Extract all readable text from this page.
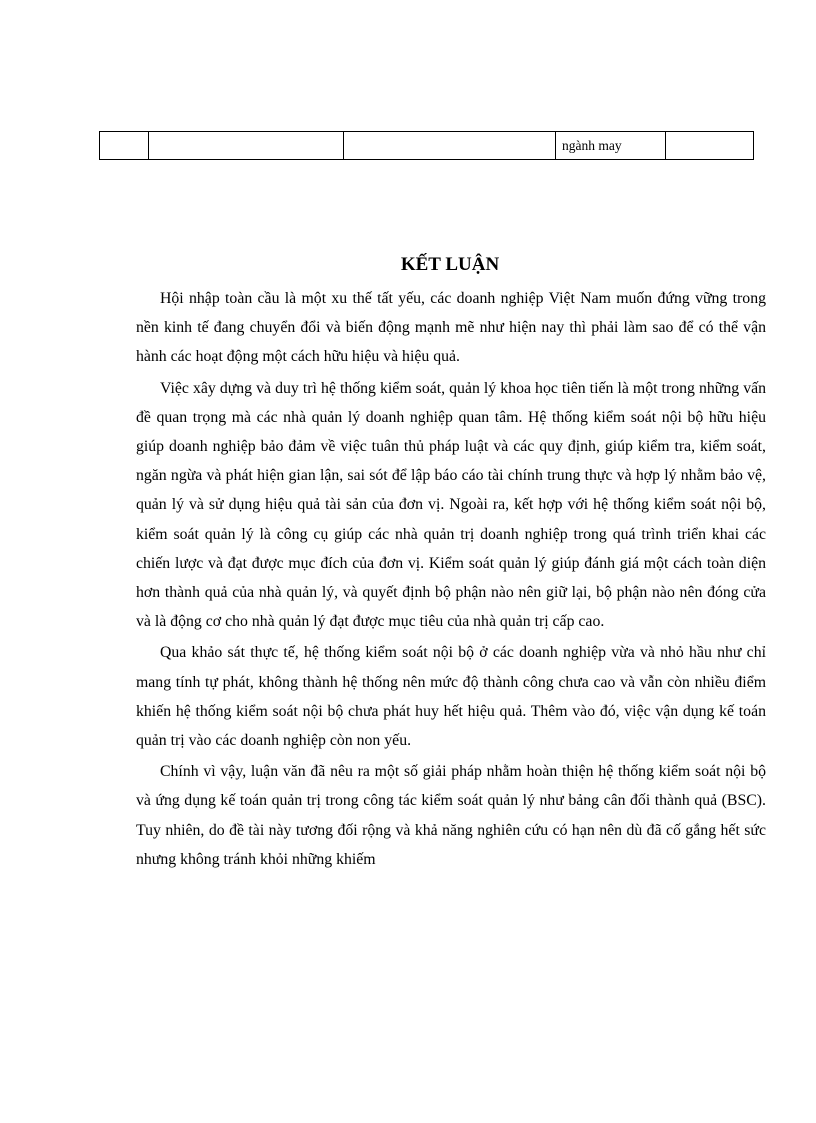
			ngành may	
KẾT LUẬN

Hội nhập toàn cầu là một xu thế tất yếu, các doanh nghiệp Việt Nam muốn đứng vững trong nền kinh tế đang chuyển đổi và biến động mạnh mẽ như hiện nay thì phải làm sao để có thể vận hành các hoạt động một cách hữu hiệu và hiệu quả.

Việc xây dựng và duy trì hệ thống kiểm soát, quản lý khoa học tiên tiến là một trong những vấn đề quan trọng mà các nhà quản lý doanh nghiệp quan tâm. Hệ thống kiểm soát nội bộ hữu hiệu giúp doanh nghiệp bảo đảm về việc tuân thủ pháp luật và các quy định, giúp kiểm tra, kiểm soát, ngăn ngừa và phát hiện gian lận, sai sót để lập báo cáo tài chính trung thực và hợp lý nhằm bảo vệ, quản lý và sử dụng hiệu quả tài sản của đơn vị. Ngoài ra, kết hợp với hệ thống kiểm soát nội bộ, kiểm soát quản lý là công cụ giúp các nhà quản trị doanh nghiệp trong quá trình triển khai các chiến lược và đạt được mục đích của đơn vị. Kiểm soát quản lý giúp đánh giá một cách toàn diện hơn thành quả của nhà quản lý, và quyết định bộ phận nào nên giữ lại, bộ phận nào nên đóng cửa và là động cơ cho nhà quản lý đạt được mục tiêu của nhà quản trị cấp cao.

Qua khảo sát thực tế, hệ thống kiểm soát nội bộ ở các doanh nghiệp vừa và nhỏ hầu như chỉ mang tính tự phát, không thành hệ thống nên mức độ thành công chưa cao và vẫn còn nhiều điểm khiến hệ thống kiểm soát nội bộ chưa phát huy hết hiệu quả. Thêm vào đó, việc vận dụng kế toán quản trị vào các doanh nghiệp còn non yếu.

Chính vì vậy, luận văn đã nêu ra một số giải pháp nhằm hoàn thiện hệ thống kiểm soát nội bộ và ứng dụng kế toán quản trị trong công tác kiểm soát quản lý như bảng cân đối thành quả (BSC). Tuy nhiên, do đề tài này tương đối rộng và khả năng nghiên cứu có hạn nên dù đã cố gắng hết sức nhưng không tránh khỏi những khiếm
